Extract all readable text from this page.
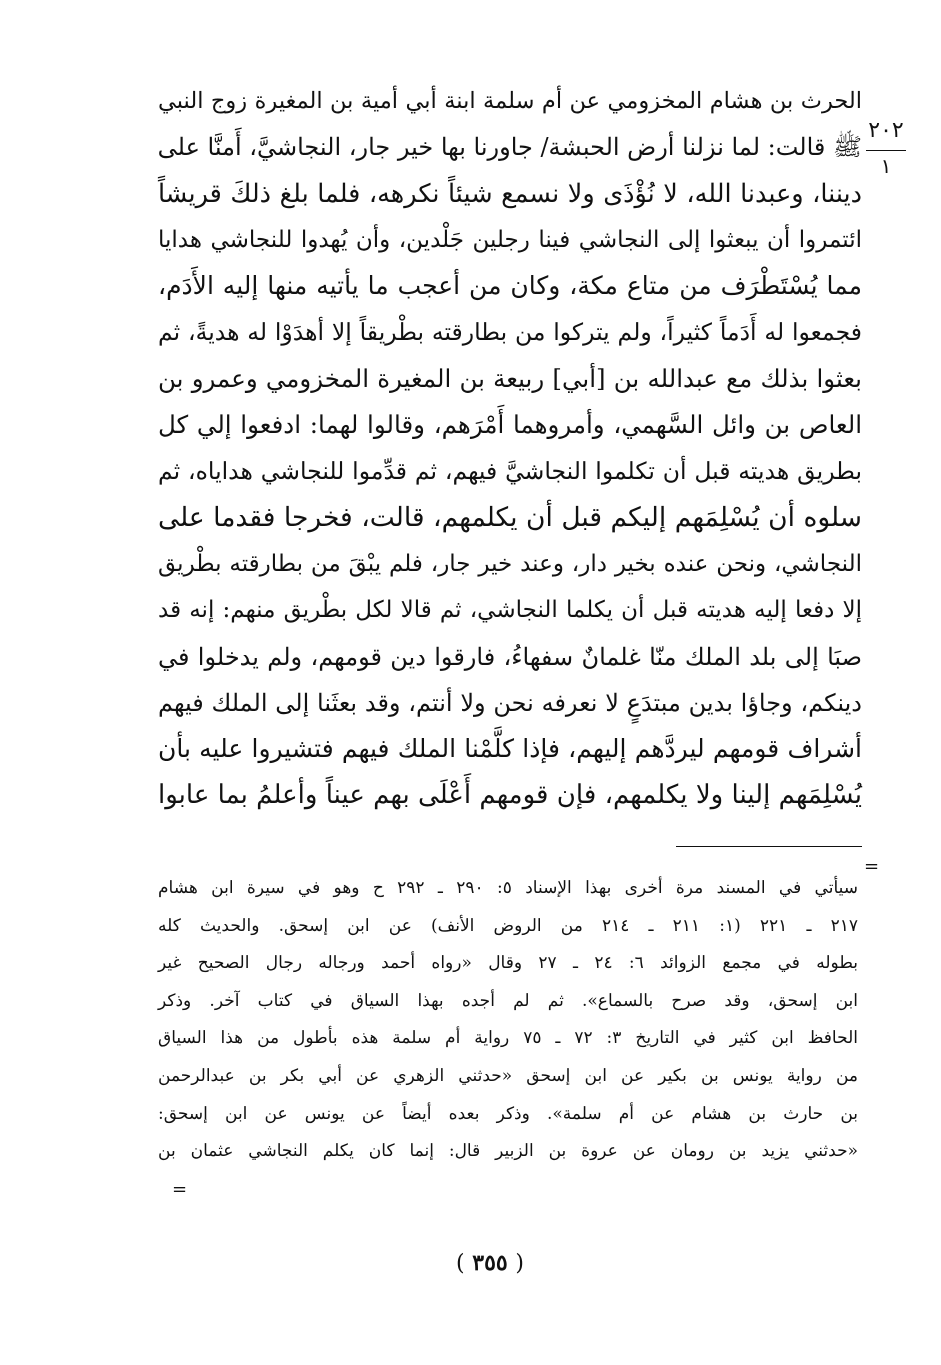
٢٠٢
١
الحرث بن هشام المخزومي عن أم سلمة ابنة أبي أمية بن المغيرة زوج النبي
ﷺ قالت: لما نزلنا أرض الحبشة/ جاورنا بها خير جار، النجاشيَّ، أَمنَّا على
ديننا، وعبدنا الله، لا نُؤْذَى ولا نسمع شيئاً نكرهه، فلما بلغ ذلكَ قريشاً
ائتمروا أن يبعثوا إلى النجاشي فينا رجلين جَلْدين، وأن يُهدوا للنجاشي هدايا
مما يُسْتَطْرَف من متاع مكة، وكان من أعجب ما يأتيه منها إليه الأَدَم،
فجمعوا له أَدَماً كثيراً، ولم يتركوا من بطارقته بطْريقاً إلا أهدَوْا له هديةً، ثم
بعثوا بذلك مع عبدالله بن [أبي] ربيعة بن المغيرة المخزومي وعمرو بن
العاص بن وائل السَّهمي، وأمروهما أَمْرَهم، وقالوا لهما: ادفعوا إلي كل
بطريق هديته قبل أن تكلموا النجاشيَّ فيهم، ثم قدِّموا للنجاشي هداياه، ثم
سلوه أن يُسْلِمَهم إليكم قبل أن يكلمهم، قالت، فخرجا فقدما على
النجاشي، ونحن عنده بخير دار، وعند خير جار، فلم يبْقَ من بطارقته بطْريق
إلا دفعا إليه هديته قبل أن يكلما النجاشي، ثم قالا لكل بطْريق منهم: إنه قد
صبَا إلى بلد الملك منّا غلمانٌ سفهاءُ، فارقوا دين قومهم، ولم يدخلوا في
دينكم، وجاؤا بدين مبتدَعٍ لا نعرفه نحن ولا أنتم، وقد بعثَنا إلى الملك فيهم
أشراف قومهم ليردَّهم إليهم، فإذا كلَّمْنا الملك فيهم فتشيروا عليه بأن
يُسْلِمَهم إلينا ولا يكلمهم، فإن قومهم أَعْلَى بهم عيناً وأعلمُ بما عابوا
=
سيأتي في المسند مرة أخرى بهذا الإسناد ٥: ٢٩٠ ـ ٢٩٢ ح وهو في سيرة ابن هشام
٢١٧ ـ ٢٢١ (١: ٢١١ ـ ٢١٤ من الروض الأنف) عن ابن إسحق. والحديث كله
بطوله في مجمع الزوائد ٦: ٢٤ ـ ٢٧ وقال «رواه أحمد ورجاله رجال الصحيح غير
ابن إسحق، وقد صرح بالسماع». ثم لم أجده بهذا السياق في كتاب آخر. وذكر
الحافظ ابن كثير في التاريخ ٣: ٧٢ ـ ٧٥ رواية أم سلمة هذه بأطول من هذا السياق
من رواية يونس بن بكير عن ابن إسحق «حدثني الزهري عن أبي بكر بن عبدالرحمن
بن حارث بن هشام عن أم سلمة». وذكر بعده أيضاً عن يونس عن ابن إسحق:
«حدثني يزيد بن رومان عن عروة بن الزبير قال: إنما كان يكلم النجاشي عثمان بن
=
( ٣٥٥ )
